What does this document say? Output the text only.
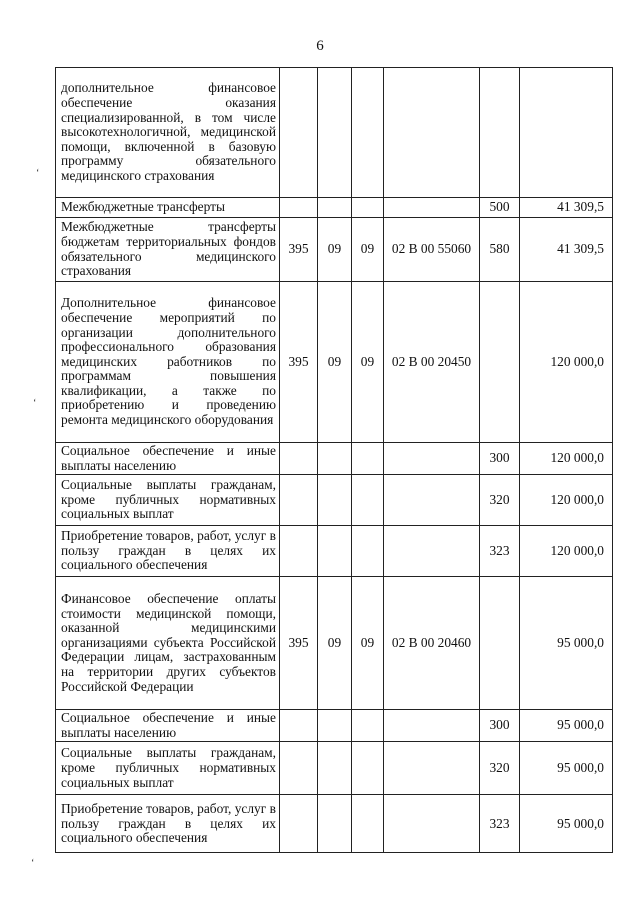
6
дополнительное финансовое обеспечение оказания специализированной, в том числе высокотехнологичной, медицинской помощи, включенной в базовую программу обязательного медицинского страхования						
Межбюджетные трансферты					500	41 309,5
Межбюджетные трансферты бюджетам территориальных фондов обязательного медицинского страхования	395	09	09	02 В 00 55060	580	41 309,5
Дополнительное финансовое обеспечение мероприятий по организации дополнительного профессионального образования медицинских работников по программам повышения квалификации, а также по приобретению и проведению ремонта медицинского оборудования	395	09	09	02 В 00 20450		120 000,0
Социальное обеспечение и иные выплаты населению					300	120 000,0
Социальные выплаты гражданам, кроме публичных нормативных социальных выплат					320	120 000,0
Приобретение товаров, работ, услуг в пользу граждан в целях их социального обеспечения					323	120 000,0
Финансовое обеспечение оплаты стоимости медицинской помощи, оказанной медицинскими организациями субъекта Российской Федерации лицам, застрахованным на территории других субъектов Российской Федерации	395	09	09	02 В 00 20460		95 000,0
Социальное обеспечение и иные выплаты населению					300	95 000,0
Социальные выплаты гражданам, кроме публичных нормативных социальных выплат					320	95 000,0
Приобретение товаров, работ, услуг в пользу граждан в целях их социального обеспечения					323	95 000,0
‘
‘
‘
